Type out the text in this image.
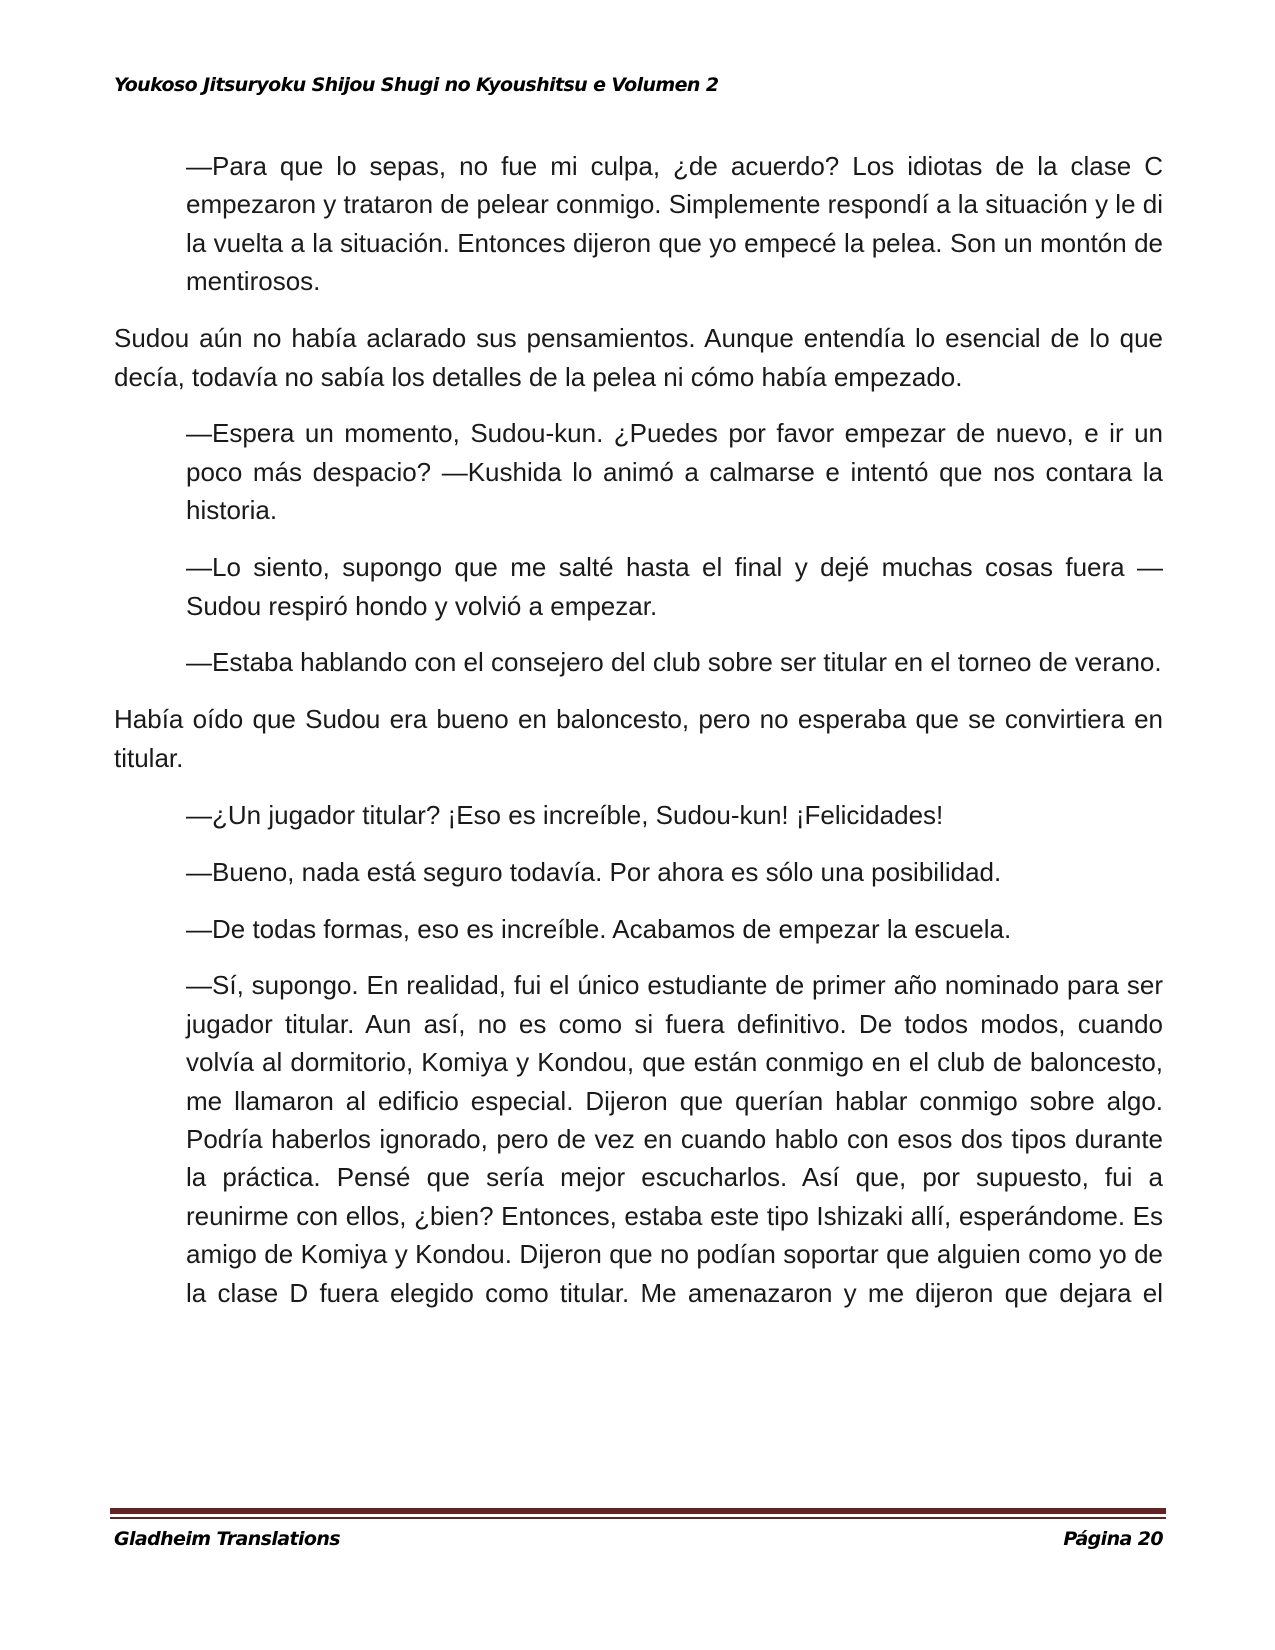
Youkoso Jitsuryoku Shijou Shugi no Kyoushitsu e Volumen 2

—Para que lo sepas, no fue mi culpa, ¿de acuerdo? Los idiotas de la clase C empezaron y trataron de pelear conmigo. Simplemente respondí a la situación y le di la vuelta a la situación. Entonces dijeron que yo empecé la pelea. Son un montón de mentirosos.

Sudou aún no había aclarado sus pensamientos. Aunque entendía lo esencial de lo que decía, todavía no sabía los detalles de la pelea ni cómo había empezado.

—Espera un momento, Sudou-kun. ¿Puedes por favor empezar de nuevo, e ir un poco más despacio? —Kushida lo animó a calmarse e intentó que nos contara la historia.

—Lo siento, supongo que me salté hasta el final y dejé muchas cosas fuera —Sudou respiró hondo y volvió a empezar.

—Estaba hablando con el consejero del club sobre ser titular en el torneo de verano.

Había oído que Sudou era bueno en baloncesto, pero no esperaba que se convirtiera en titular.

—¿Un jugador titular? ¡Eso es increíble, Sudou-kun! ¡Felicidades!

—Bueno, nada está seguro todavía. Por ahora es sólo una posibilidad.

—De todas formas, eso es increíble. Acabamos de empezar la escuela.

—Sí, supongo. En realidad, fui el único estudiante de primer año nominado para ser jugador titular. Aun así, no es como si fuera definitivo. De todos modos, cuando volvía al dormitorio, Komiya y Kondou, que están conmigo en el club de baloncesto, me llamaron al edificio especial. Dijeron que querían hablar conmigo sobre algo. Podría haberlos ignorado, pero de vez en cuando hablo con esos dos tipos durante la práctica. Pensé que sería mejor escucharlos. Así que, por supuesto, fui a reunirme con ellos, ¿bien? Entonces, estaba este tipo Ishizaki allí, esperándome. Es amigo de Komiya y Kondou. Dijeron que no podían soportar que alguien como yo de la clase D fuera elegido como titular. Me amenazaron y me dijeron que dejara el

Gladheim Translations	Página 20
